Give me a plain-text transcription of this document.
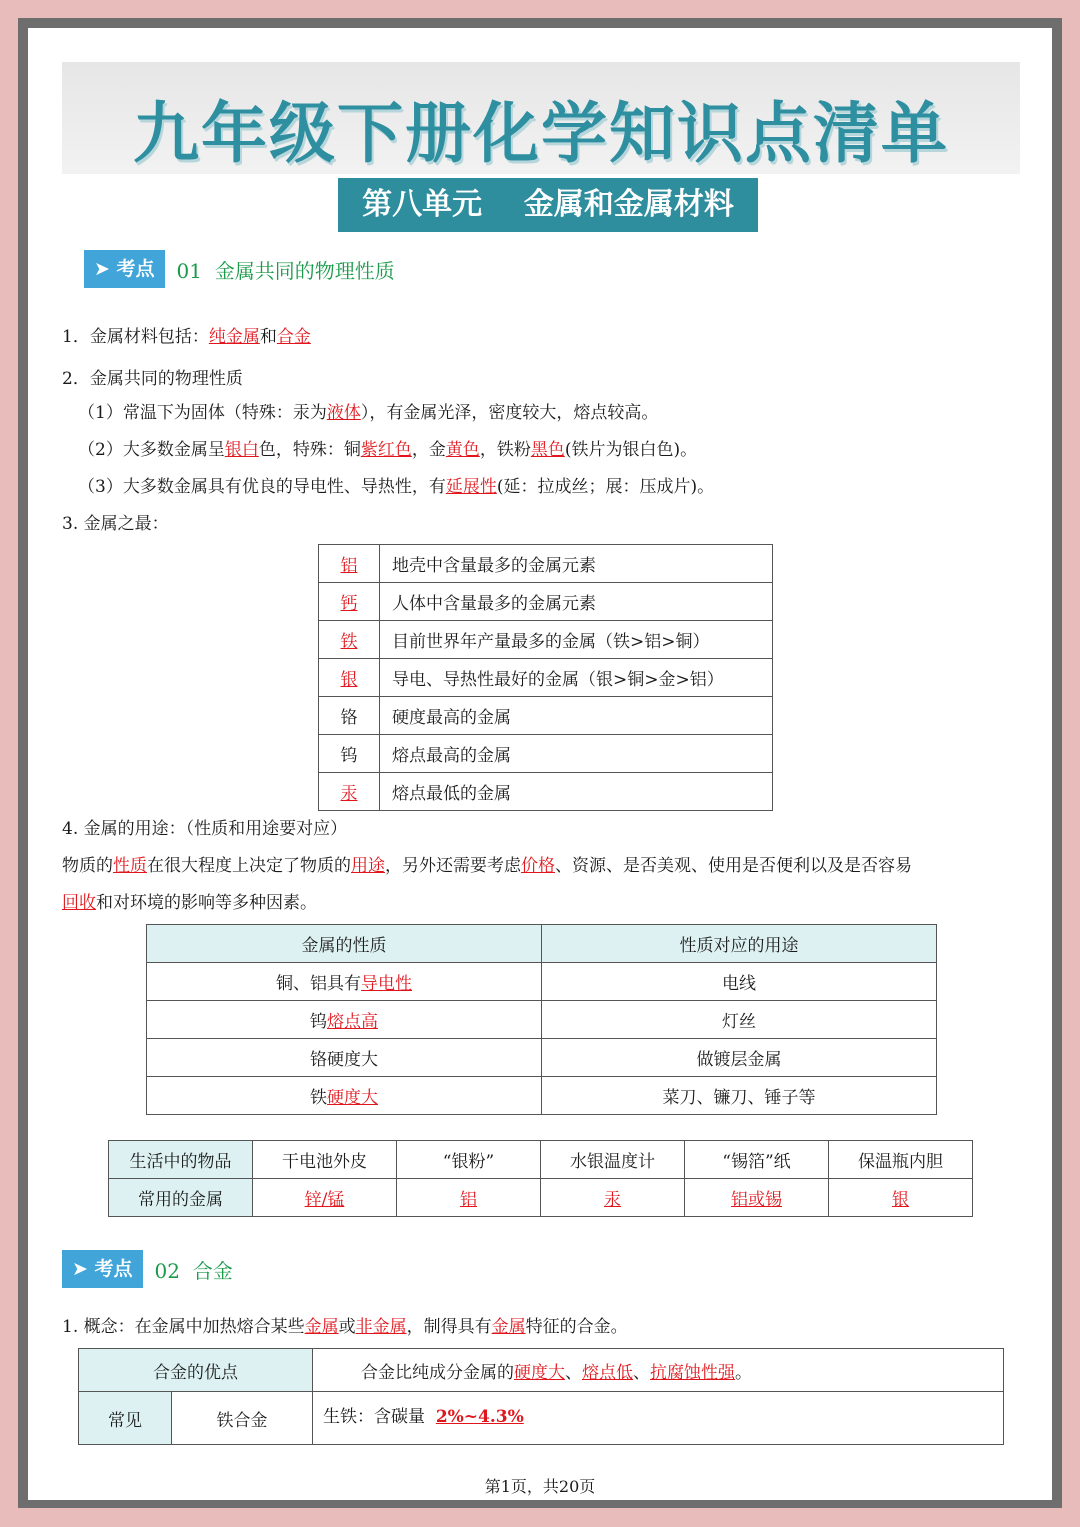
九年级下册化学知识点清单
第八单元    金属和金属材料
➤ 考点	01 金属共同的物理性质
1．金属材料包括：纯金属和合金
2．金属共同的物理性质
（1）常温下为固体（特殊：汞为液体），有金属光泽，密度较大，熔点较高。
（2）大多数金属呈银白色，特殊：铜紫红色，金黄色，铁粉黑色(铁片为银白色)。
（3）大多数金属具有优良的导电性、导热性，有延展性(延：拉成丝；展：压成片)。
3. 金属之最：
铝	地壳中含量最多的金属元素
钙	人体中含量最多的金属元素
铁	目前世界年产量最多的金属（铁>铝>铜）
银	导电、导热性最好的金属（银>铜>金>铝）
铬	硬度最高的金属
钨	熔点最高的金属
汞	熔点最低的金属
4. 金属的用途：（性质和用途要对应）
物质的性质在很大程度上决定了物质的用途，另外还需要考虑价格、资源、是否美观、使用是否便利以及是否容易
回收和对环境的影响等多种因素。
金属的性质	性质对应的用途
铜、铝具有导电性	电线
钨熔点高	灯丝
铬硬度大	做镀层金属
铁硬度大	菜刀、镰刀、锤子等
生活中的物品	干电池外皮	“银粉”	水银温度计	“锡箔”纸	保温瓶内胆
常用的金属	锌/锰	铝	汞	铝或锡	银
➤ 考点	02 合金
1. 概念：在金属中加热熔合某些金属或非金属，制得具有金属特征的合金。
合金的优点		合金比纯成分金属的硬度大、熔点低、抗腐蚀性强。
常见	铁合金	生铁：含碳量  2%~4.3%
第1页，共20页
